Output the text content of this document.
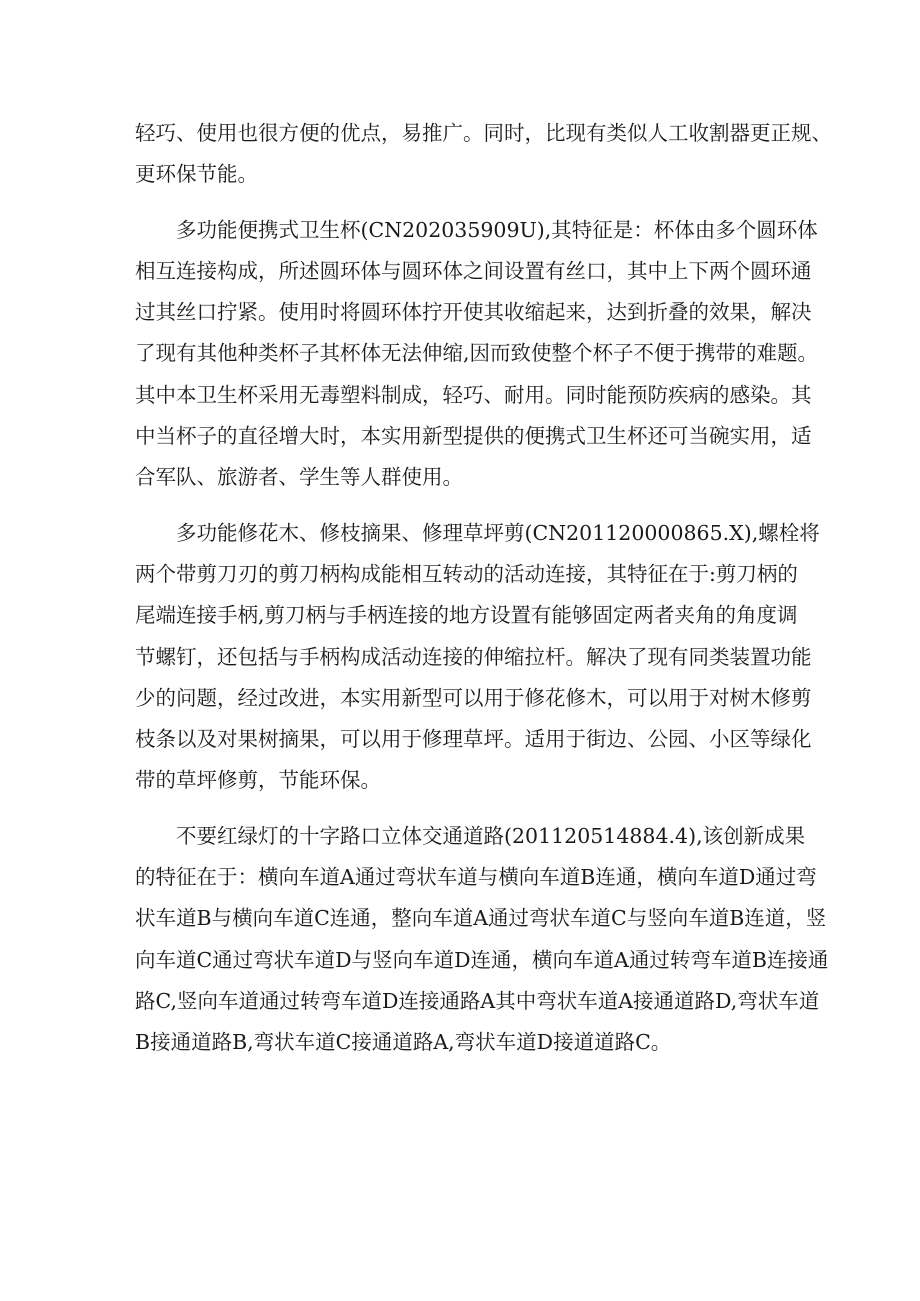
轻巧、使用也很方便的优点，易推广。同时，比现有类似人工收割器更正规、
更环保节能。
多功能便携式卫生杯(CN202035909U),其特征是：杯体由多个圆环体
相互连接构成，所述圆环体与圆环体之间设置有丝口，其中上下两个圆环通
过其丝口拧紧。使用时将圆环体拧开使其收缩起来，达到折叠的效果，解决
了现有其他种类杯子其杯体无法伸缩,因而致使整个杯子不便于携带的难题。
其中本卫生杯采用无毒塑料制成，轻巧、耐用。同时能预防疾病的感染。其
中当杯子的直径增大时，本实用新型提供的便携式卫生杯还可当碗实用，适
合军队、旅游者、学生等人群使用。
多功能修花木、修枝摘果、修理草坪剪(CN201120000865.X),螺栓将
两个带剪刀刃的剪刀柄构成能相互转动的活动连接，其特征在于:剪刀柄的
尾端连接手柄,剪刀柄与手柄连接的地方设置有能够固定两者夹角的角度调
节螺钉，还包括与手柄构成活动连接的伸缩拉杆。解决了现有同类装置功能
少的问题，经过改进，本实用新型可以用于修花修木，可以用于对树木修剪
枝条以及对果树摘果，可以用于修理草坪。适用于街边、公园、小区等绿化
带的草坪修剪，节能环保。
不要红绿灯的十字路口立体交通道路(201120514884.4),该创新成果
的特征在于：横向车道A通过弯状车道与横向车道B连通，横向车道D通过弯
状车道B与横向车道C连通，整向车道A通过弯状车道C与竖向车道B连道，竖
向车道C通过弯状车道D与竖向车道D连通，横向车道A通过转弯车道B连接通
路C,竖向车道通过转弯车道D连接通路A其中弯状车道A接通道路D,弯状车道
B接通道路B,弯状车道C接通道路A,弯状车道D接道道路C。
